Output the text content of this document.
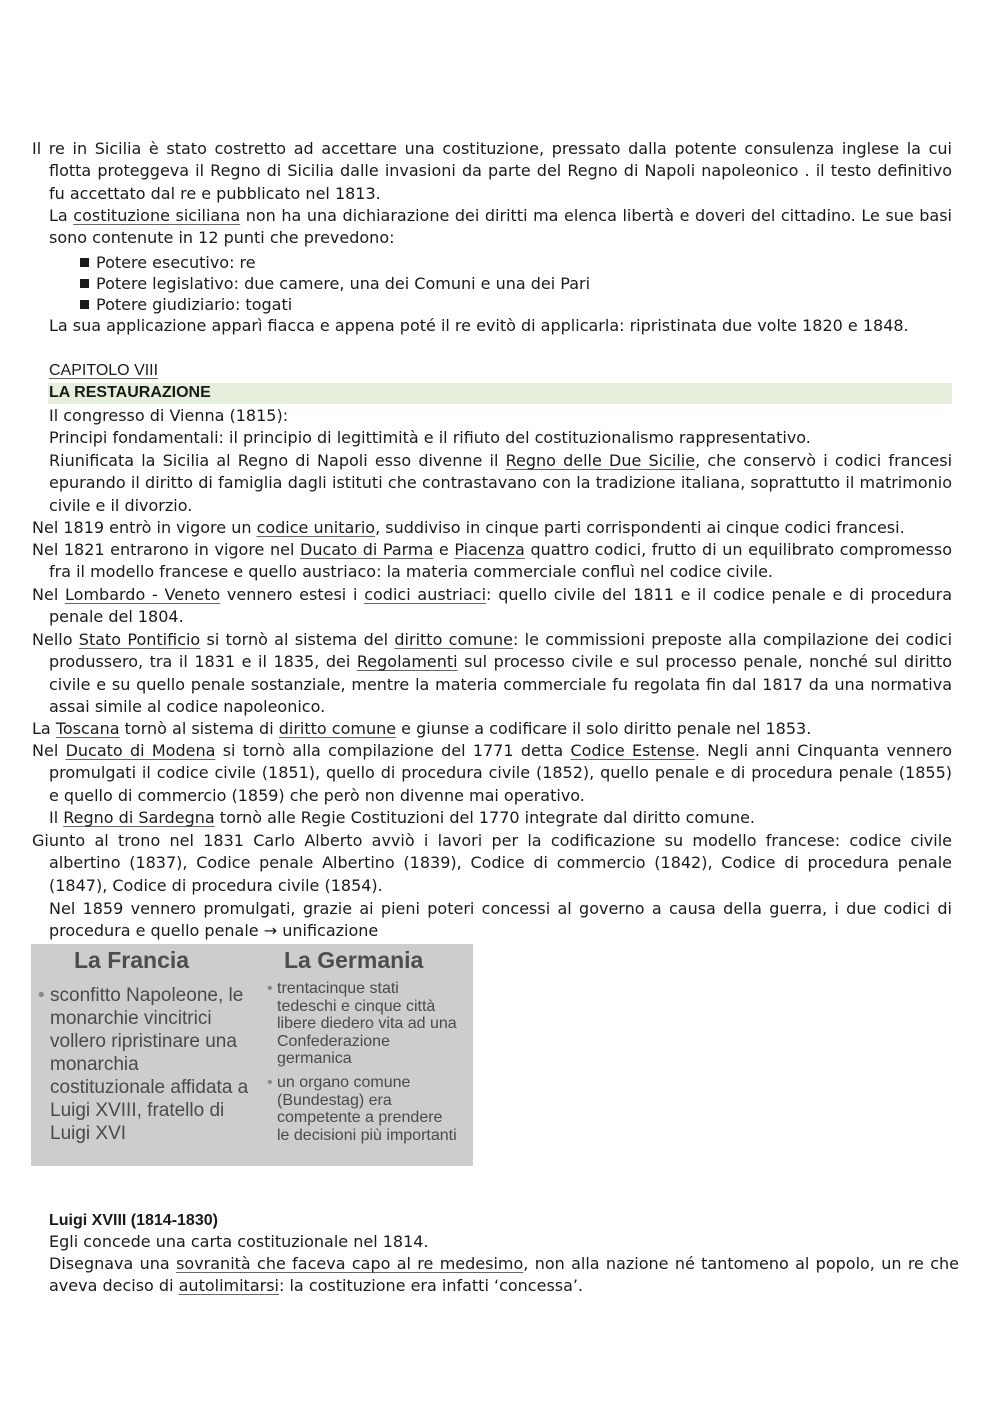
Il re in Sicilia è stato costretto ad accettare una costituzione, pressato dalla potente consulenza inglese la cui flotta proteggeva il Regno di Sicilia dalle invasioni da parte del Regno di Napoli napoleonico . il testo definitivo fu accettato dal re e pubblicato nel 1813.
La costituzione siciliana non ha una dichiarazione dei diritti ma elenca libertà e doveri del cittadino. Le sue basi sono contenute in 12 punti che prevedono:
Potere esecutivo: re
Potere legislativo: due camere, una dei Comuni e una dei Pari
Potere giudiziario: togati
La sua applicazione apparì fiacca e appena poté il re evitò di applicarla: ripristinata due volte 1820 e 1848.
CAPITOLO VIII
LA RESTAURAZIONE
Il congresso di Vienna (1815):
Principi fondamentali: il principio di legittimità e il rifiuto del costituzionalismo rappresentativo.
Riunificata la Sicilia al Regno di Napoli esso divenne il Regno delle Due Sicilie, che conservò i codici francesi epurando il diritto di famiglia dagli istituti che contrastavano con la tradizione italiana, soprattutto il matrimonio civile e il divorzio.
Nel 1819 entrò in vigore un codice unitario, suddiviso in cinque parti corrispondenti ai cinque codici francesi.
Nel 1821 entrarono in vigore nel Ducato di Parma e Piacenza quattro codici, frutto di un equilibrato compromesso fra il modello francese e quello austriaco: la materia commerciale confluì nel codice civile.
Nel Lombardo - Veneto vennero estesi i codici austriaci: quello civile del 1811 e il codice penale e di procedura penale del 1804.
Nello Stato Pontificio si tornò al sistema del diritto comune: le commissioni preposte alla compilazione dei codici produssero, tra il 1831 e il 1835, dei Regolamenti sul processo civile e sul processo penale, nonché sul diritto civile e su quello penale sostanziale, mentre la materia commerciale fu regolata fin dal 1817 da una normativa assai simile al codice napoleonico.
La Toscana tornò al sistema di diritto comune e giunse a codificare il solo diritto penale nel 1853.
Nel Ducato di Modena si tornò alla compilazione del 1771 detta Codice Estense. Negli anni Cinquanta vennero promulgati il codice civile (1851), quello di procedura civile (1852), quello penale e di procedura penale (1855) e quello di commercio (1859) che però non divenne mai operativo.
Il Regno di Sardegna tornò alle Regie Costituzioni del 1770 integrate dal diritto comune.
Giunto al trono nel 1831 Carlo Alberto avviò i lavori per la codificazione su modello francese: codice civile albertino (1837), Codice penale Albertino (1839), Codice di commercio (1842), Codice di procedura penale (1847), Codice di procedura civile (1854).
Nel 1859 vennero promulgati, grazie ai pieni poteri concessi al governo a causa della guerra, i due codici di procedura e quello penale → unificazione
La Francia
• sconfitto Napoleone, le monarchie vincitrici vollero ripristinare una monarchia costituzionale affidata a Luigi XVIII, fratello di Luigi XVI
La Germania
• trentacinque stati tedeschi e cinque città libere diedero vita ad una Confederazione germanica
• un organo comune (Bundestag) era competente a prendere le decisioni più importanti
Luigi XVIII (1814-1830)
Egli concede una carta costituzionale nel 1814.
Disegnava una sovranità che faceva capo al re medesimo, non alla nazione né tantomeno al popolo, un re che aveva deciso di autolimitarsi: la costituzione era infatti ‘concessa’.
